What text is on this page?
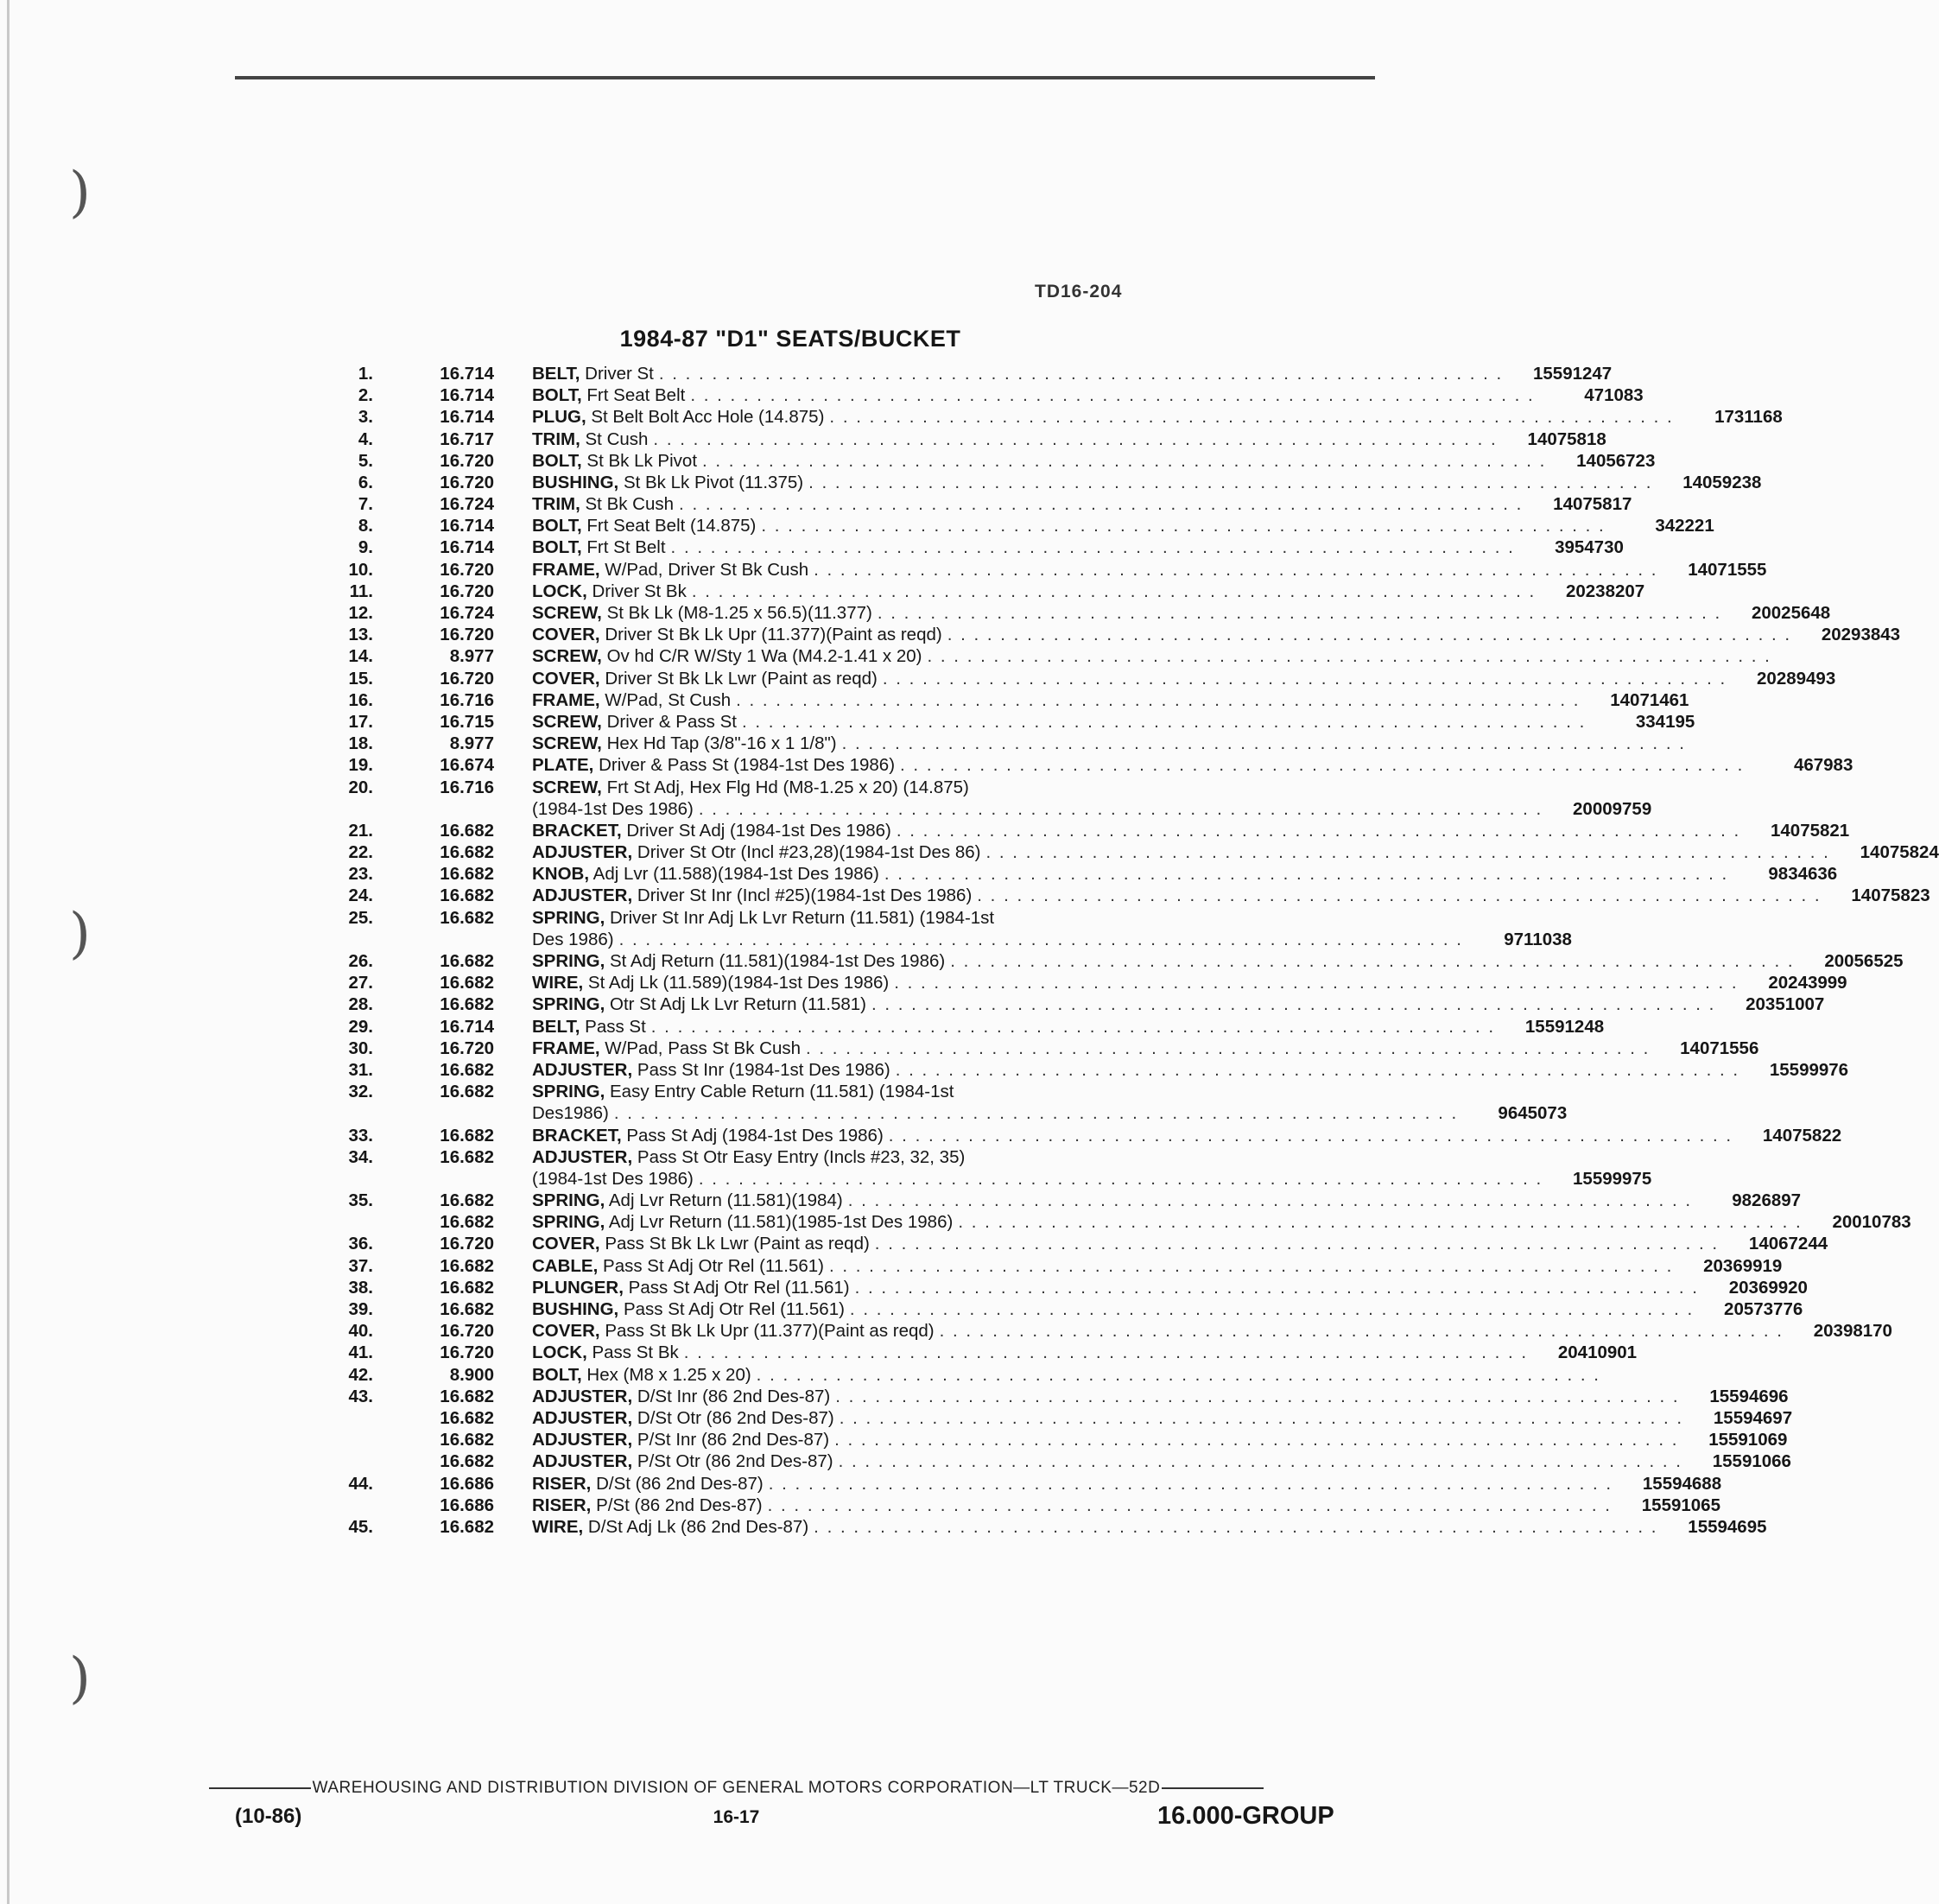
)
)
)
TD16-204
1984-87 "D1" SEATS/BUCKET
1.	16.714 BELT, Driver St . . . . . . . . . . . . . . . . . . . . . . . . . . . . . . . . . . . . . . . . . . . . . . . . . . . . . . . . . . . . . . . .	15591247
2.	16.714 BOLT, Frt Seat Belt . . . . . . . . . . . . . . . . . . . . . . . . . . . . . . . . . . . . . . . . . . . . . . . . . . . . . . . . . . . . . . . .	471083
3.	16.714 PLUG, St Belt Bolt Acc Hole (14.875) . . . . . . . . . . . . . . . . . . . . . . . . . . . . . . . . . . . . . . . . . . . . . . . . . . . . . . . . . . . . . . . .	1731168
4.	16.717 TRIM, St Cush . . . . . . . . . . . . . . . . . . . . . . . . . . . . . . . . . . . . . . . . . . . . . . . . . . . . . . . . . . . . . . . .	14075818
5.	16.720 BOLT, St Bk Lk Pivot . . . . . . . . . . . . . . . . . . . . . . . . . . . . . . . . . . . . . . . . . . . . . . . . . . . . . . . . . . . . . . . .	14056723
6.	16.720 BUSHING, St Bk Lk Pivot (11.375) . . . . . . . . . . . . . . . . . . . . . . . . . . . . . . . . . . . . . . . . . . . . . . . . . . . . . . . . . . . . . . . .	14059238
7.	16.724 TRIM, St Bk Cush . . . . . . . . . . . . . . . . . . . . . . . . . . . . . . . . . . . . . . . . . . . . . . . . . . . . . . . . . . . . . . . .	14075817
8.	16.714 BOLT, Frt Seat Belt (14.875) . . . . . . . . . . . . . . . . . . . . . . . . . . . . . . . . . . . . . . . . . . . . . . . . . . . . . . . . . . . . . . . .	342221
9.	16.714 BOLT, Frt St Belt . . . . . . . . . . . . . . . . . . . . . . . . . . . . . . . . . . . . . . . . . . . . . . . . . . . . . . . . . . . . . . . .	3954730
10.	16.720 FRAME, W/Pad, Driver St Bk Cush . . . . . . . . . . . . . . . . . . . . . . . . . . . . . . . . . . . . . . . . . . . . . . . . . . . . . . . . . . . . . . . .	14071555
11.	16.720 LOCK, Driver St Bk . . . . . . . . . . . . . . . . . . . . . . . . . . . . . . . . . . . . . . . . . . . . . . . . . . . . . . . . . . . . . . . .	20238207
12.	16.724 SCREW, St Bk Lk (M8-1.25 x 56.5)(11.377) . . . . . . . . . . . . . . . . . . . . . . . . . . . . . . . . . . . . . . . . . . . . . . . . . . . . . . . . . . . . . . . .	20025648
13.	16.720 COVER, Driver St Bk Lk Upr (11.377)(Paint as reqd) . . . . . . . . . . . . . . . . . . . . . . . . . . . . . . . . . . . . . . . . . . . . . . . . . . . . . . . . . . . . . . . .	20293843
14.	8.977 SCREW, Ov hd C/R W/Sty 1 Wa (M4.2-1.41 x 20) . . . . . . . . . . . . . . . . . . . . . . . . . . . . . . . . . . . . . . . . . . . . . . . . . . . . . . . . . . . . . . . .
15.	16.720 COVER, Driver St Bk Lk Lwr (Paint as reqd) . . . . . . . . . . . . . . . . . . . . . . . . . . . . . . . . . . . . . . . . . . . . . . . . . . . . . . . . . . . . . . . .	20289493
16.	16.716 FRAME, W/Pad, St Cush . . . . . . . . . . . . . . . . . . . . . . . . . . . . . . . . . . . . . . . . . . . . . . . . . . . . . . . . . . . . . . . .	14071461
17.	16.715 SCREW, Driver & Pass St . . . . . . . . . . . . . . . . . . . . . . . . . . . . . . . . . . . . . . . . . . . . . . . . . . . . . . . . . . . . . . . .	334195
18.	8.977 SCREW, Hex Hd Tap (3/8"-16 x 1 1/8") . . . . . . . . . . . . . . . . . . . . . . . . . . . . . . . . . . . . . . . . . . . . . . . . . . . . . . . . . . . . . . . .
19.	16.674 PLATE, Driver & Pass St (1984-1st Des 1986) . . . . . . . . . . . . . . . . . . . . . . . . . . . . . . . . . . . . . . . . . . . . . . . . . . . . . . . . . . . . . . . .	467983
20.	16.716 SCREW, Frt St Adj, Hex Flg Hd (M8-1.25 x 20) (14.875)
(1984-1st Des 1986) . . . . . . . . . . . . . . . . . . . . . . . . . . . . . . . . . . . . . . . . . . . . . . . . . . . . . . . . . . . . . . . .	20009759
21.	16.682 BRACKET, Driver St Adj (1984-1st Des 1986) . . . . . . . . . . . . . . . . . . . . . . . . . . . . . . . . . . . . . . . . . . . . . . . . . . . . . . . . . . . . . . . .	14075821
22.	16.682 ADJUSTER, Driver St Otr (Incl #23,28)(1984-1st Des 86) . . . . . . . . . . . . . . . . . . . . . . . . . . . . . . . . . . . . . . . . . . . . . . . . . . . . . . . . . . . . . . . .	14075824
23.	16.682 KNOB, Adj Lvr (11.588)(1984-1st Des 1986) . . . . . . . . . . . . . . . . . . . . . . . . . . . . . . . . . . . . . . . . . . . . . . . . . . . . . . . . . . . . . . . .	9834636
24.	16.682 ADJUSTER, Driver St Inr (Incl #25)(1984-1st Des 1986) . . . . . . . . . . . . . . . . . . . . . . . . . . . . . . . . . . . . . . . . . . . . . . . . . . . . . . . . . . . . . . . .	14075823
25.	16.682 SPRING, Driver St Inr Adj Lk Lvr Return (11.581) (1984-1st
Des 1986) . . . . . . . . . . . . . . . . . . . . . . . . . . . . . . . . . . . . . . . . . . . . . . . . . . . . . . . . . . . . . . . .	9711038
26.	16.682 SPRING, St Adj Return (11.581)(1984-1st Des 1986) . . . . . . . . . . . . . . . . . . . . . . . . . . . . . . . . . . . . . . . . . . . . . . . . . . . . . . . . . . . . . . . .	20056525
27.	16.682 WIRE, St Adj Lk (11.589)(1984-1st Des 1986) . . . . . . . . . . . . . . . . . . . . . . . . . . . . . . . . . . . . . . . . . . . . . . . . . . . . . . . . . . . . . . . .	20243999
28.	16.682 SPRING, Otr St Adj Lk Lvr Return (11.581) . . . . . . . . . . . . . . . . . . . . . . . . . . . . . . . . . . . . . . . . . . . . . . . . . . . . . . . . . . . . . . . .	20351007
29.	16.714 BELT, Pass St . . . . . . . . . . . . . . . . . . . . . . . . . . . . . . . . . . . . . . . . . . . . . . . . . . . . . . . . . . . . . . . .	15591248
30.	16.720 FRAME, W/Pad, Pass St Bk Cush . . . . . . . . . . . . . . . . . . . . . . . . . . . . . . . . . . . . . . . . . . . . . . . . . . . . . . . . . . . . . . . .	14071556
31.	16.682 ADJUSTER, Pass St Inr (1984-1st Des 1986) . . . . . . . . . . . . . . . . . . . . . . . . . . . . . . . . . . . . . . . . . . . . . . . . . . . . . . . . . . . . . . . .	15599976
32.	16.682 SPRING, Easy Entry Cable Return (11.581) (1984-1st
Des1986) . . . . . . . . . . . . . . . . . . . . . . . . . . . . . . . . . . . . . . . . . . . . . . . . . . . . . . . . . . . . . . . .	9645073
33.	16.682 BRACKET, Pass St Adj (1984-1st Des 1986) . . . . . . . . . . . . . . . . . . . . . . . . . . . . . . . . . . . . . . . . . . . . . . . . . . . . . . . . . . . . . . . .	14075822
34.	16.682 ADJUSTER, Pass St Otr Easy Entry (Incls #23, 32, 35)
(1984-1st Des 1986) . . . . . . . . . . . . . . . . . . . . . . . . . . . . . . . . . . . . . . . . . . . . . . . . . . . . . . . . . . . . . . . .	15599975
35.	16.682 SPRING, Adj Lvr Return (11.581)(1984) . . . . . . . . . . . . . . . . . . . . . . . . . . . . . . . . . . . . . . . . . . . . . . . . . . . . . . . . . . . . . . . .	9826897
16.682 SPRING, Adj Lvr Return (11.581)(1985-1st Des 1986) . . . . . . . . . . . . . . . . . . . . . . . . . . . . . . . . . . . . . . . . . . . . . . . . . . . . . . . . . . . . . . . .	20010783
36.	16.720 COVER, Pass St Bk Lk Lwr (Paint as reqd) . . . . . . . . . . . . . . . . . . . . . . . . . . . . . . . . . . . . . . . . . . . . . . . . . . . . . . . . . . . . . . . .	14067244
37.	16.682 CABLE, Pass St Adj Otr Rel (11.561) . . . . . . . . . . . . . . . . . . . . . . . . . . . . . . . . . . . . . . . . . . . . . . . . . . . . . . . . . . . . . . . .	20369919
38.	16.682 PLUNGER, Pass St Adj Otr Rel (11.561) . . . . . . . . . . . . . . . . . . . . . . . . . . . . . . . . . . . . . . . . . . . . . . . . . . . . . . . . . . . . . . . .	20369920
39.	16.682 BUSHING, Pass St Adj Otr Rel (11.561) . . . . . . . . . . . . . . . . . . . . . . . . . . . . . . . . . . . . . . . . . . . . . . . . . . . . . . . . . . . . . . . .	20573776
40.	16.720 COVER, Pass St Bk Lk Upr (11.377)(Paint as reqd) . . . . . . . . . . . . . . . . . . . . . . . . . . . . . . . . . . . . . . . . . . . . . . . . . . . . . . . . . . . . . . . .	20398170
41.	16.720 LOCK, Pass St Bk . . . . . . . . . . . . . . . . . . . . . . . . . . . . . . . . . . . . . . . . . . . . . . . . . . . . . . . . . . . . . . . .	20410901
42.	8.900 BOLT, Hex (M8 x 1.25 x 20) . . . . . . . . . . . . . . . . . . . . . . . . . . . . . . . . . . . . . . . . . . . . . . . . . . . . . . . . . . . . . . . .
43.	16.682 ADJUSTER, D/St Inr (86 2nd Des-87) . . . . . . . . . . . . . . . . . . . . . . . . . . . . . . . . . . . . . . . . . . . . . . . . . . . . . . . . . . . . . . . .	15594696
16.682 ADJUSTER, D/St Otr (86 2nd Des-87) . . . . . . . . . . . . . . . . . . . . . . . . . . . . . . . . . . . . . . . . . . . . . . . . . . . . . . . . . . . . . . . .	15594697
16.682 ADJUSTER, P/St Inr (86 2nd Des-87) . . . . . . . . . . . . . . . . . . . . . . . . . . . . . . . . . . . . . . . . . . . . . . . . . . . . . . . . . . . . . . . .	15591069
16.682 ADJUSTER, P/St Otr (86 2nd Des-87) . . . . . . . . . . . . . . . . . . . . . . . . . . . . . . . . . . . . . . . . . . . . . . . . . . . . . . . . . . . . . . . .	15591066
44.	16.686 RISER, D/St (86 2nd Des-87) . . . . . . . . . . . . . . . . . . . . . . . . . . . . . . . . . . . . . . . . . . . . . . . . . . . . . . . . . . . . . . . .	15594688
16.686 RISER, P/St (86 2nd Des-87) . . . . . . . . . . . . . . . . . . . . . . . . . . . . . . . . . . . . . . . . . . . . . . . . . . . . . . . . . . . . . . . .	15591065
45.	16.682 WIRE, D/St Adj Lk (86 2nd Des-87) . . . . . . . . . . . . . . . . . . . . . . . . . . . . . . . . . . . . . . . . . . . . . . . . . . . . . . . . . . . . . . . .	15594695
WAREHOUSING AND DISTRIBUTION DIVISION OF GENERAL MOTORS CORPORATION—LT TRUCK—52D
(10-86)	16-17	16.000-GROUP
